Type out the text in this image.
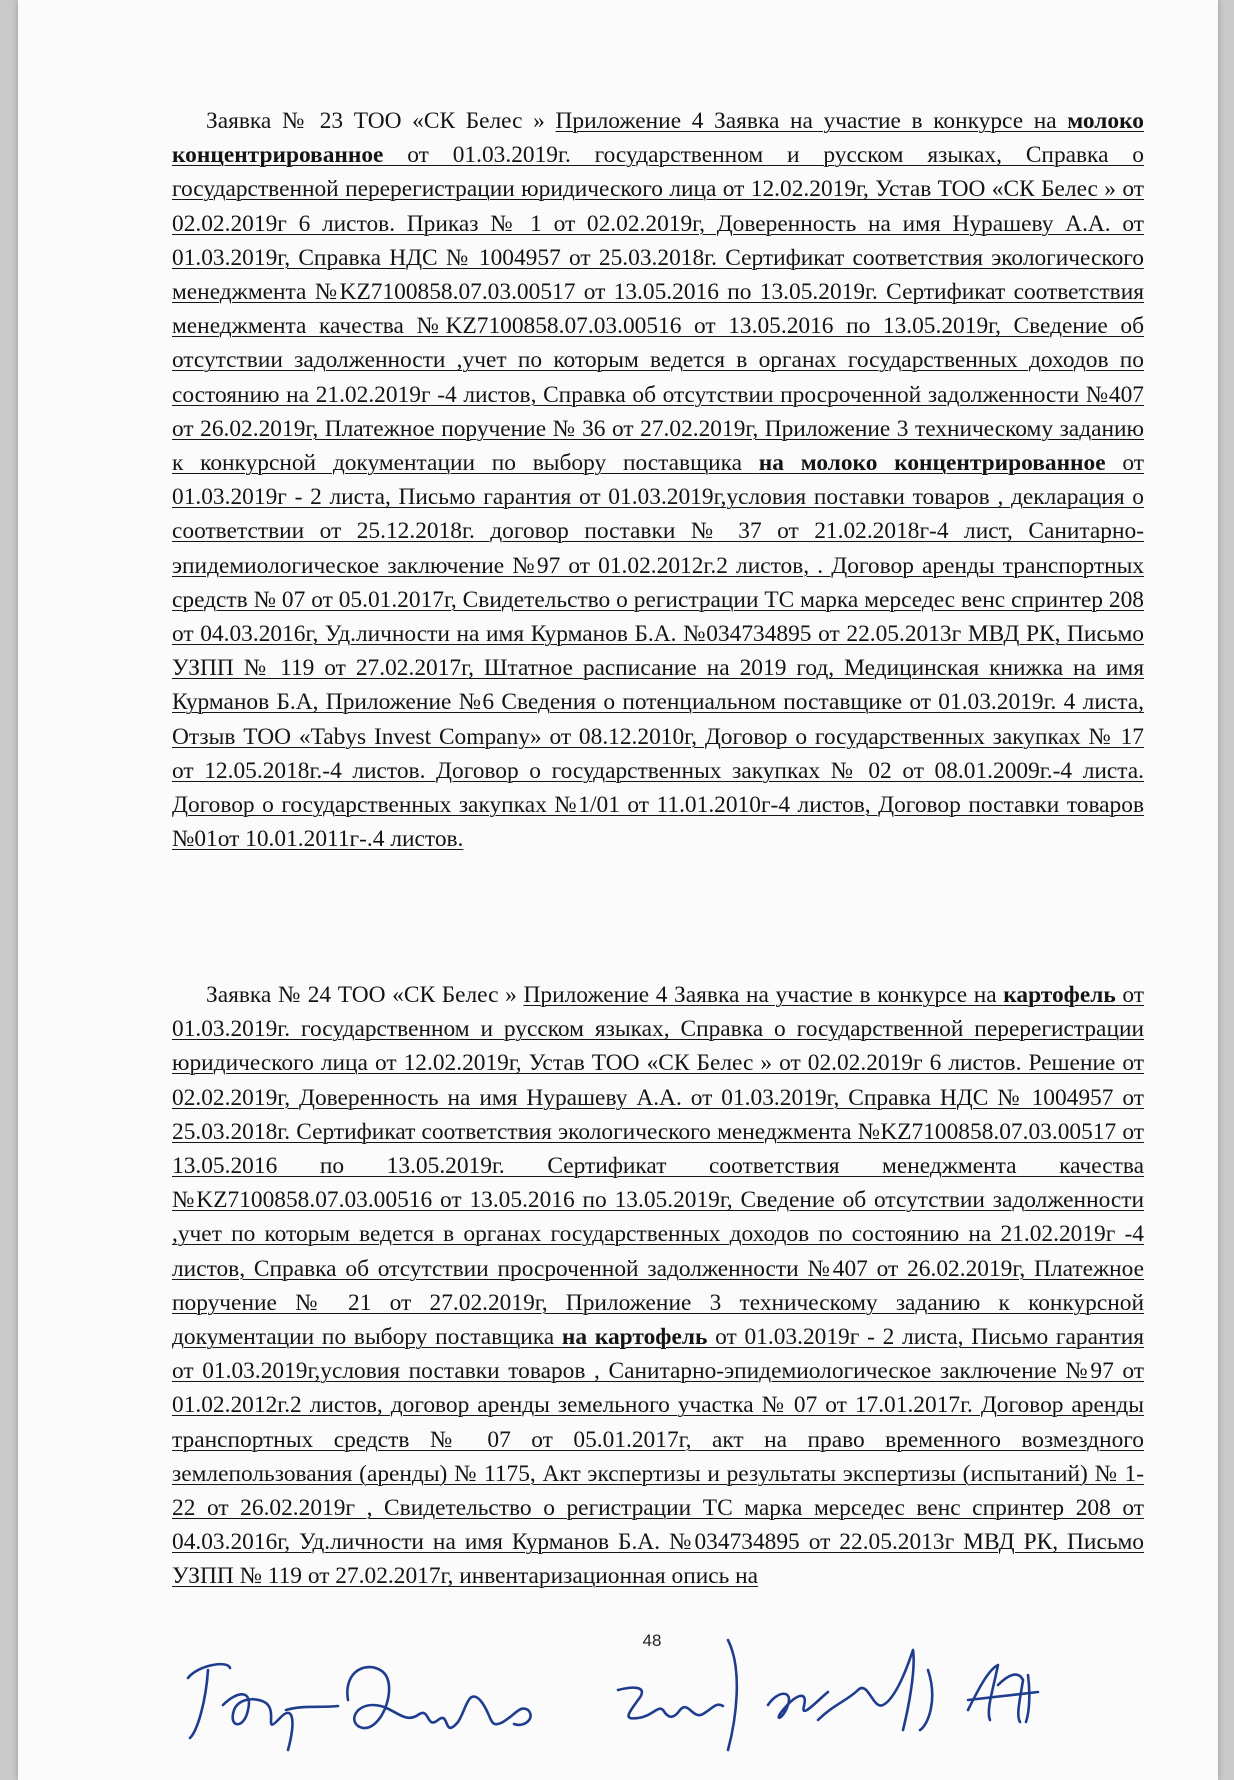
Заявка № 23 ТОО «СК Белес » Приложение 4 Заявка на участие в конкурсе на молоко концентрированное от 01.03.2019г. государственном и русском языках, Справка о государственной перерегистрации юридического лица от 12.02.2019г, Устав ТОО «СК Белес » от 02.02.2019г 6 листов. Приказ № 1 от 02.02.2019г, Доверенность на имя Нурашеву А.А. от 01.03.2019г, Справка НДС № 1004957 от 25.03.2018г. Сертификат соответствия экологического менеджмента №KZ7100858.07.03.00517 от 13.05.2016 по 13.05.2019г. Сертификат соответствия менеджмента качества №KZ7100858.07.03.00516 от 13.05.2016 по 13.05.2019г, Сведение об отсутствии задолженности ,учет по которым ведется в органах государственных доходов по состоянию на 21.02.2019г -4 листов, Справка об отсутствии просроченной задолженности №407 от 26.02.2019г, Платежное поручение № 36 от 27.02.2019г, Приложение 3 техническому заданию к конкурсной документации по выбору поставщика на молоко концентрированное от 01.03.2019г - 2 листа, Письмо гарантия от 01.03.2019г,условия поставки товаров , декларация о соответствии от 25.12.2018г. договор поставки № 37 от 21.02.2018г-4 лист, Санитарно-эпидемиологическое заключение №97 от 01.02.2012г.2 листов, . Договор аренды транспортных средств № 07 от 05.01.2017г, Свидетельство о регистрации ТС марка мерседес венс спринтер 208 от 04.03.2016г, Уд.личности на имя Курманов Б.А. №034734895 от 22.05.2013г МВД РК, Письмо УЗПП № 119 от 27.02.2017г, Штатное расписание на 2019 год, Медицинская книжка на имя Курманов Б.А, Приложение №6 Сведения о потенциальном поставщике от 01.03.2019г. 4 листа, Отзыв ТОО «Tabys Invest Company» от 08.12.2010г, Договор о государственных закупках № 17 от 12.05.2018г.-4 листов. Договор о государственных закупках № 02 от 08.01.2009г.-4 листа. Договор о государственных закупках №1/01 от 11.01.2010г-4 листов, Договор поставки товаров №01от 10.01.2011г-.4 листов.
Заявка № 24 ТОО «СК Белес » Приложение 4 Заявка на участие в конкурсе на картофель от 01.03.2019г. государственном и русском языках, Справка о государственной перерегистрации юридического лица от 12.02.2019г, Устав ТОО «СК Белес » от 02.02.2019г 6 листов. Решение от 02.02.2019г, Доверенность на имя Нурашеву А.А. от 01.03.2019г, Справка НДС № 1004957 от 25.03.2018г. Сертификат соответствия экологического менеджмента №KZ7100858.07.03.00517 от 13.05.2016 по 13.05.2019г. Сертификат соответствия менеджмента качества №KZ7100858.07.03.00516 от 13.05.2016 по 13.05.2019г, Сведение об отсутствии задолженности ,учет по которым ведется в органах государственных доходов по состоянию на 21.02.2019г -4 листов, Справка об отсутствии просроченной задолженности №407 от 26.02.2019г, Платежное поручение № 21 от 27.02.2019г, Приложение 3 техническому заданию к конкурсной документации по выбору поставщика на картофель от 01.03.2019г - 2 листа, Письмо гарантия от 01.03.2019г,условия поставки товаров , Санитарно-эпидемиологическое заключение №97 от 01.02.2012г.2 листов, договор аренды земельного участка № 07 от 17.01.2017г. Договор аренды транспортных средств № 07 от 05.01.2017г, акт на право временного возмездного землепользования (аренды) № 1175, Акт экспертизы и результаты экспертизы (испытаний) № 1-22 от 26.02.2019г , Свидетельство о регистрации ТС марка мерседес венс спринтер 208 от 04.03.2016г, Уд.личности на имя Курманов Б.А. №034734895 от 22.05.2013г МВД РК, Письмо УЗПП № 119 от 27.02.2017г, инвентаризационная опись на
48
